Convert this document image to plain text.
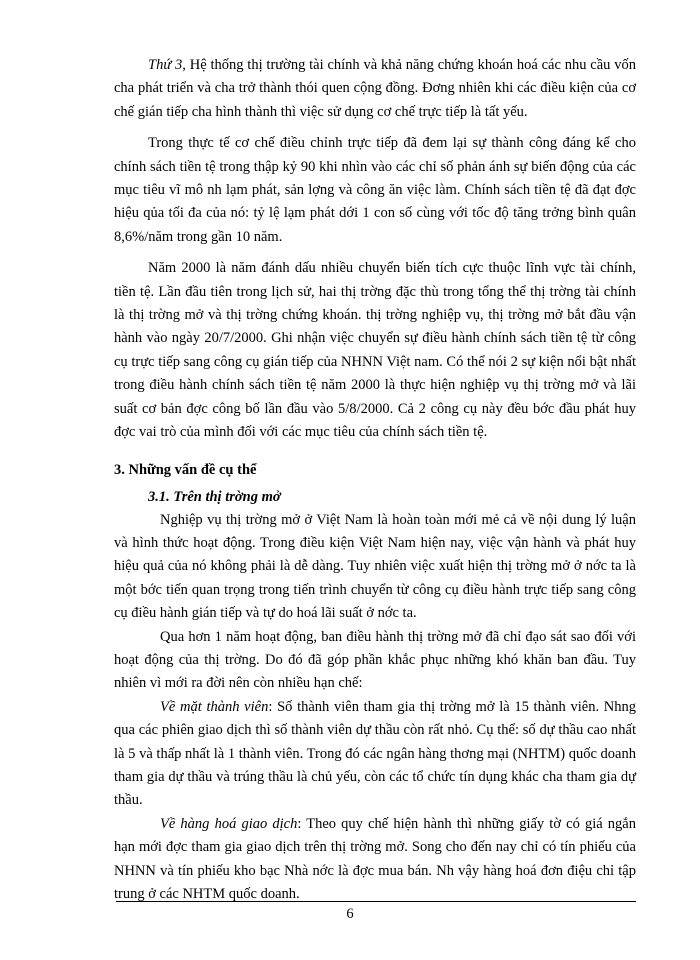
Thứ 3, Hệ thống thị trường tài chính và khả năng chứng khoán hoá các nhu cầu vốn cha phát triển và cha trở thành thói quen cộng đồng. Đơng nhiên khi các điều kiện của cơ chế gián tiếp cha hình thành thì việc sử dụng cơ chế trực tiếp là tất yếu.

Trong thực tế cơ chế điều chỉnh trực tiếp đã đem lại sự thành công đáng kể cho chính sách tiền tệ trong thập kỷ 90 khi nhìn vào các chỉ số phản ánh sự biến động của các mục tiêu vĩ mô nh lạm phát, sản lợng và công ăn việc làm. Chính sách tiền tệ đã đạt đợc hiệu qủa tối đa của nó: tỷ lệ lạm phát dới 1 con số cùng với tốc độ tăng trởng bình quân 8,6%/năm trong gần 10 năm.

Năm 2000 là năm đánh dấu nhiều chuyển biến tích cực thuộc lĩnh vực tài chính, tiền tệ. Lần đầu tiên trong lịch sử, hai thị trờng đặc thù trong tổng thể thị trờng tài chính là thị trờng mở và thị trờng chứng khoán. thị trờng nghiệp vụ, thị trờng mở bắt đầu vận hành vào ngày 20/7/2000. Ghi nhận việc chuyển sự điều hành chính sách tiền tệ từ công cụ trực tiếp sang công cụ gián tiếp của NHNN Việt nam. Có thể nói 2 sự kiện nổi bật nhất trong điều hành chính sách tiền tệ năm 2000 là thực hiện nghiệp vụ thị trờng mở và lãi suất cơ bản đợc công bố lần đầu vào 5/8/2000. Cả 2 công cụ này đều bớc đầu phát huy đợc vai trò của mình đối với các mục tiêu của chính sách tiền tệ.

3. Những vấn đề cụ thể
3.1. Trên thị trờng mở

Nghiệp vụ thị trờng mở ở Việt Nam là hoàn toàn mới mẻ cả về nội dung lý luận và hình thức hoạt động. Trong điều kiện Việt Nam hiện nay, việc vận hành và phát huy hiệu quả của nó không phải là dễ dàng. Tuy nhiên việc xuất hiện thị trờng mở ở nớc ta là một bớc tiến quan trọng trong tiến trình chuyển từ công cụ điều hành trực tiếp sang công cụ điều hành gián tiếp và tự do hoá lãi suất ở nớc ta.

Qua hơn 1 năm hoạt động, ban điều hành thị trờng mở đã chỉ đạo sát sao đối với hoạt động của thị trờng. Do đó đã góp phần khắc phục những khó khăn ban đầu. Tuy nhiên vì mới ra đời nên còn nhiều hạn chế:

Về mặt thành viên: Số thành viên tham gia thị trờng mở là 15 thành viên. Nhng qua các phiên giao dịch thì số thành viên dự thầu còn rất nhỏ. Cụ thể: số dự thầu cao nhất là 5 và thấp nhất là 1 thành viên. Trong đó các ngân hàng thơng mại (NHTM) quốc doanh tham gia dự thầu và trúng thầu là chủ yếu, còn các tổ chức tín dụng khác cha tham gia dự thầu.

Về hàng hoá giao dịch: Theo quy chế hiện hành thì những giấy tờ có giá ngắn hạn mới đợc tham gia giao dịch trên thị trờng mở. Song cho đến nay chỉ có tín phiếu của NHNN và tín phiếu kho bạc Nhà nớc là đợc mua bán. Nh vậy hàng hoá đơn điệu chỉ tập trung ở các NHTM quốc doanh.

6
